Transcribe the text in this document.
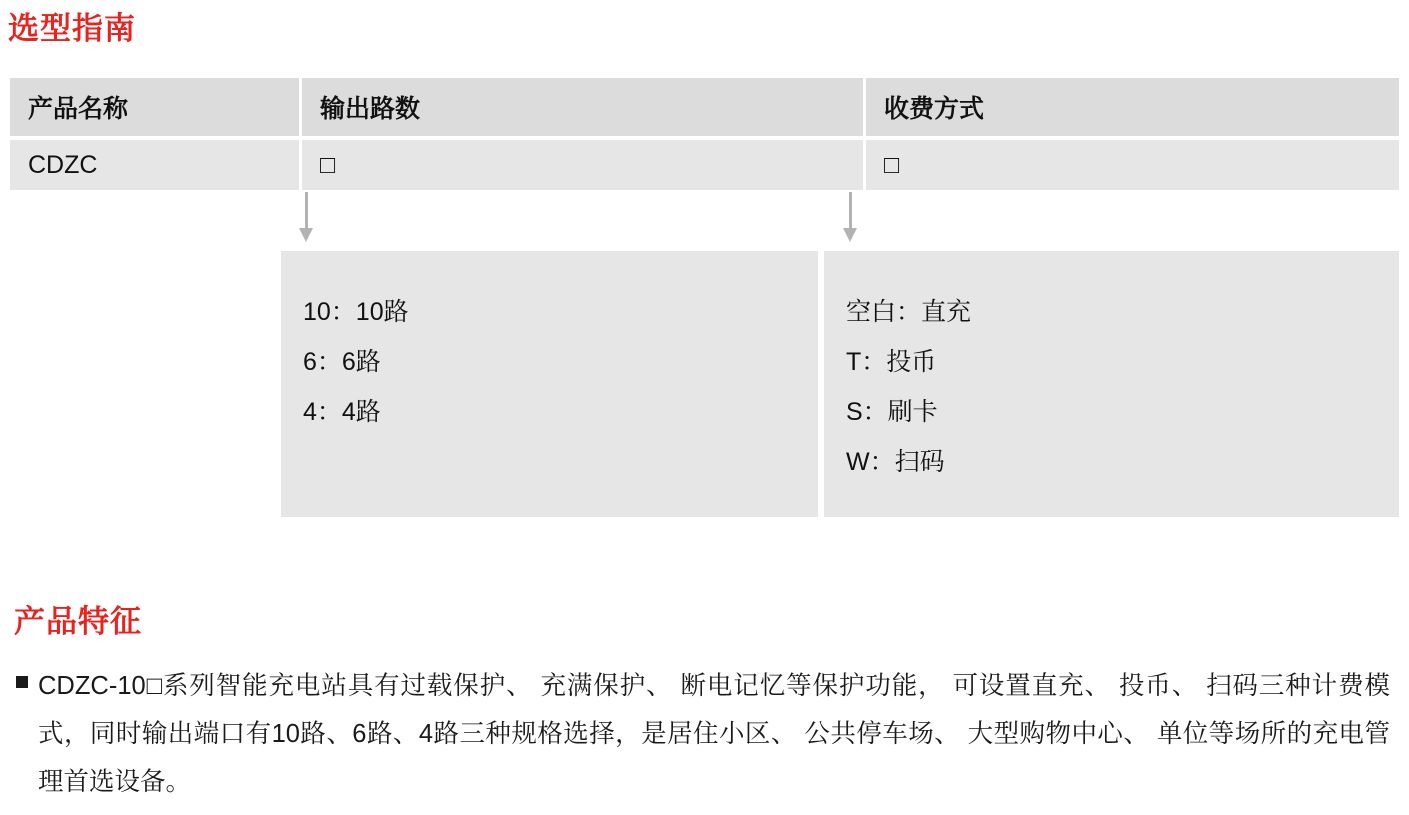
选型指南
产品名称	输出路数	收费方式

CDZC	□	□
10：10路
6：6路
4：4路
空白：直充
T：投币
S：刷卡
W：扫码
产品特征
CDZC-10□系列智能充电站具有过载保护、 充满保护、 断电记忆等保护功能， 可设置直充、 投币、 扫码三种计费模式，同时输出端口有10路、6路、4路三种规格选择，是居住小区、 公共停车场、 大型购物中心、 单位等场所的充电管理首选设备。
